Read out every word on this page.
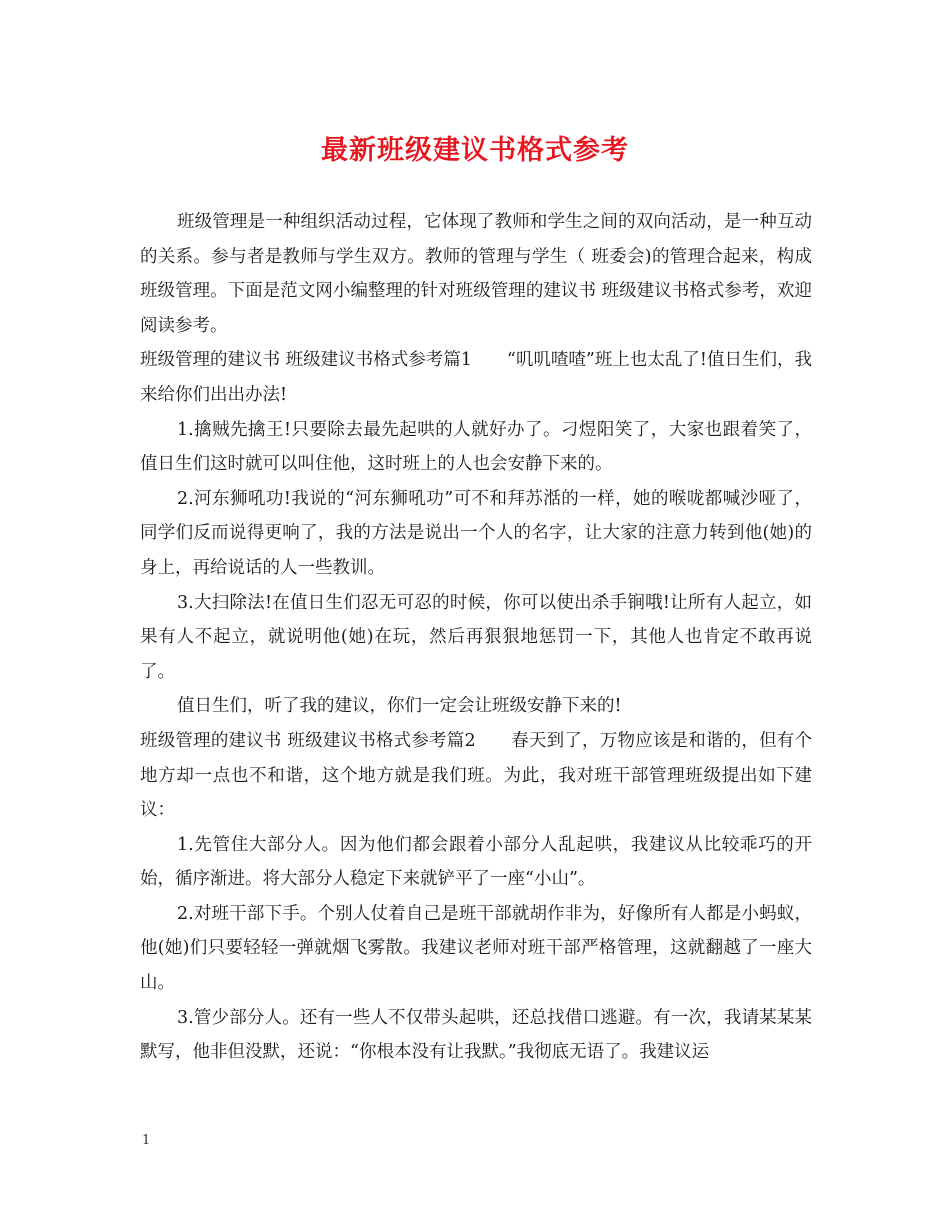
最新班级建议书格式参考

班级管理是一种组织活动过程，它体现了教师和学生之间的双向活动，是一种互动的关系。参与者是教师与学生双方。教师的管理与学生（ 班委会)的管理合起来，构成班级管理。下面是范文网小编整理的针对班级管理的建议书 班级建议书格式参考，欢迎阅读参考。

班级管理的建议书 班级建议书格式参考篇1　　“叽叽喳喳”班上也太乱了!值日生们，我来给你们出出办法!

1.擒贼先擒王!只要除去最先起哄的人就好办了。刁煜阳笑了，大家也跟着笑了，值日生们这时就可以叫住他，这时班上的人也会安静下来的。

2.河东狮吼功!我说的“河东狮吼功”可不和拜苏湉的一样，她的喉咙都喊沙哑了，同学们反而说得更响了，我的方法是说出一个人的名字，让大家的注意力转到他(她)的身上，再给说话的人一些教训。

3.大扫除法!在值日生们忍无可忍的时候，你可以使出杀手锏哦!让所有人起立，如果有人不起立，就说明他(她)在玩，然后再狠狠地惩罚一下，其他人也肯定不敢再说了。

值日生们，听了我的建议，你们一定会让班级安静下来的!

班级管理的建议书 班级建议书格式参考篇2　　春天到了，万物应该是和谐的，但有个地方却一点也不和谐，这个地方就是我们班。为此，我对班干部管理班级提出如下建议：

1.先管住大部分人。因为他们都会跟着小部分人乱起哄，我建议从比较乖巧的开始，循序渐进。将大部分人稳定下来就铲平了一座“小山”。

2.对班干部下手。个别人仗着自己是班干部就胡作非为，好像所有人都是小蚂蚁，他(她)们只要轻轻一弹就烟飞雾散。我建议老师对班干部严格管理，这就翻越了一座大山。

3.管少部分人。还有一些人不仅带头起哄，还总找借口逃避。有一次，我请某某某默写，他非但没默，还说：“你根本没有让我默。”我彻底无语了。我建议运

1
